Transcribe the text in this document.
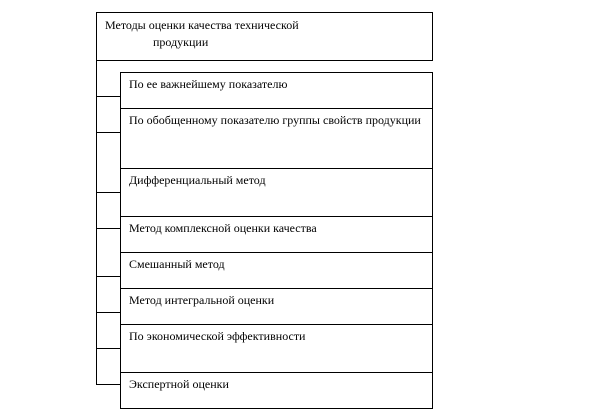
Методы оценки качества технической
продукции
По ее важнейшему показателю
По обобщенному показателю группы свойств продукции
Дифференциальный метод
Метод комплексной оценки качества
Смешанный метод
Метод интегральной оценки
По экономической эффективности
Экспертной оценки
